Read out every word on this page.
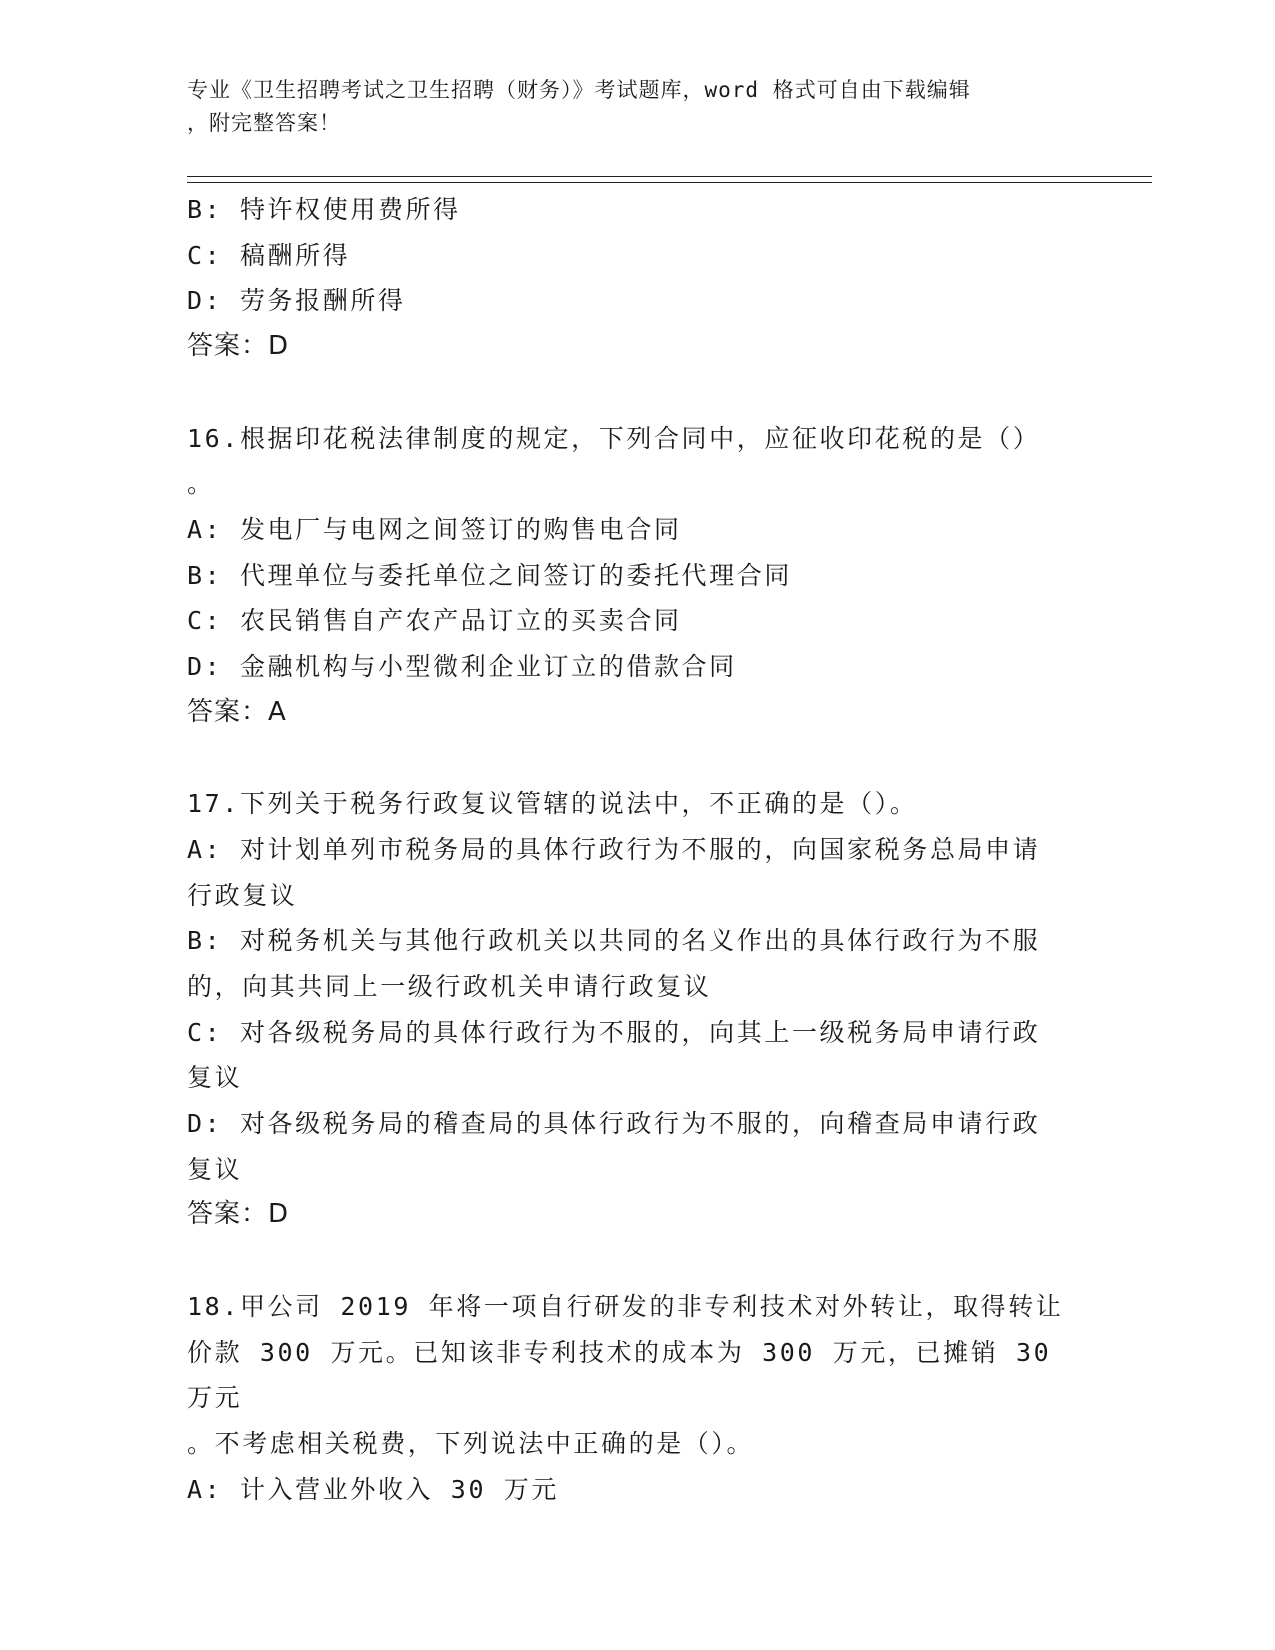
专业《卫生招聘考试之卫生招聘（财务）》考试题库，word 格式可自由下载编辑
，附完整答案！

B: 特许权使用费所得

C: 稿酬所得

D: 劳务报酬所得

答案：D

16.根据印花税法律制度的规定，下列合同中，应征收印花税的是（）

。

A: 发电厂与电网之间签订的购售电合同

B: 代理单位与委托单位之间签订的委托代理合同

C: 农民销售自产农产品订立的买卖合同

D: 金融机构与小型微利企业订立的借款合同

答案：A

17.下列关于税务行政复议管辖的说法中，不正确的是（）。

A: 对计划单列市税务局的具体行政行为不服的，向国家税务总局申请

行政复议

B: 对税务机关与其他行政机关以共同的名义作出的具体行政行为不服

的，向其共同上一级行政机关申请行政复议

C: 对各级税务局的具体行政行为不服的，向其上一级税务局申请行政

复议

D: 对各级税务局的稽查局的具体行政行为不服的，向稽查局申请行政

复议

答案：D

18.甲公司 2019 年将一项自行研发的非专利技术对外转让，取得转让

价款 300 万元。已知该非专利技术的成本为 300 万元，已摊销 30 万元

。不考虑相关税费，下列说法中正确的是（）。

A: 计入营业外收入 30 万元
